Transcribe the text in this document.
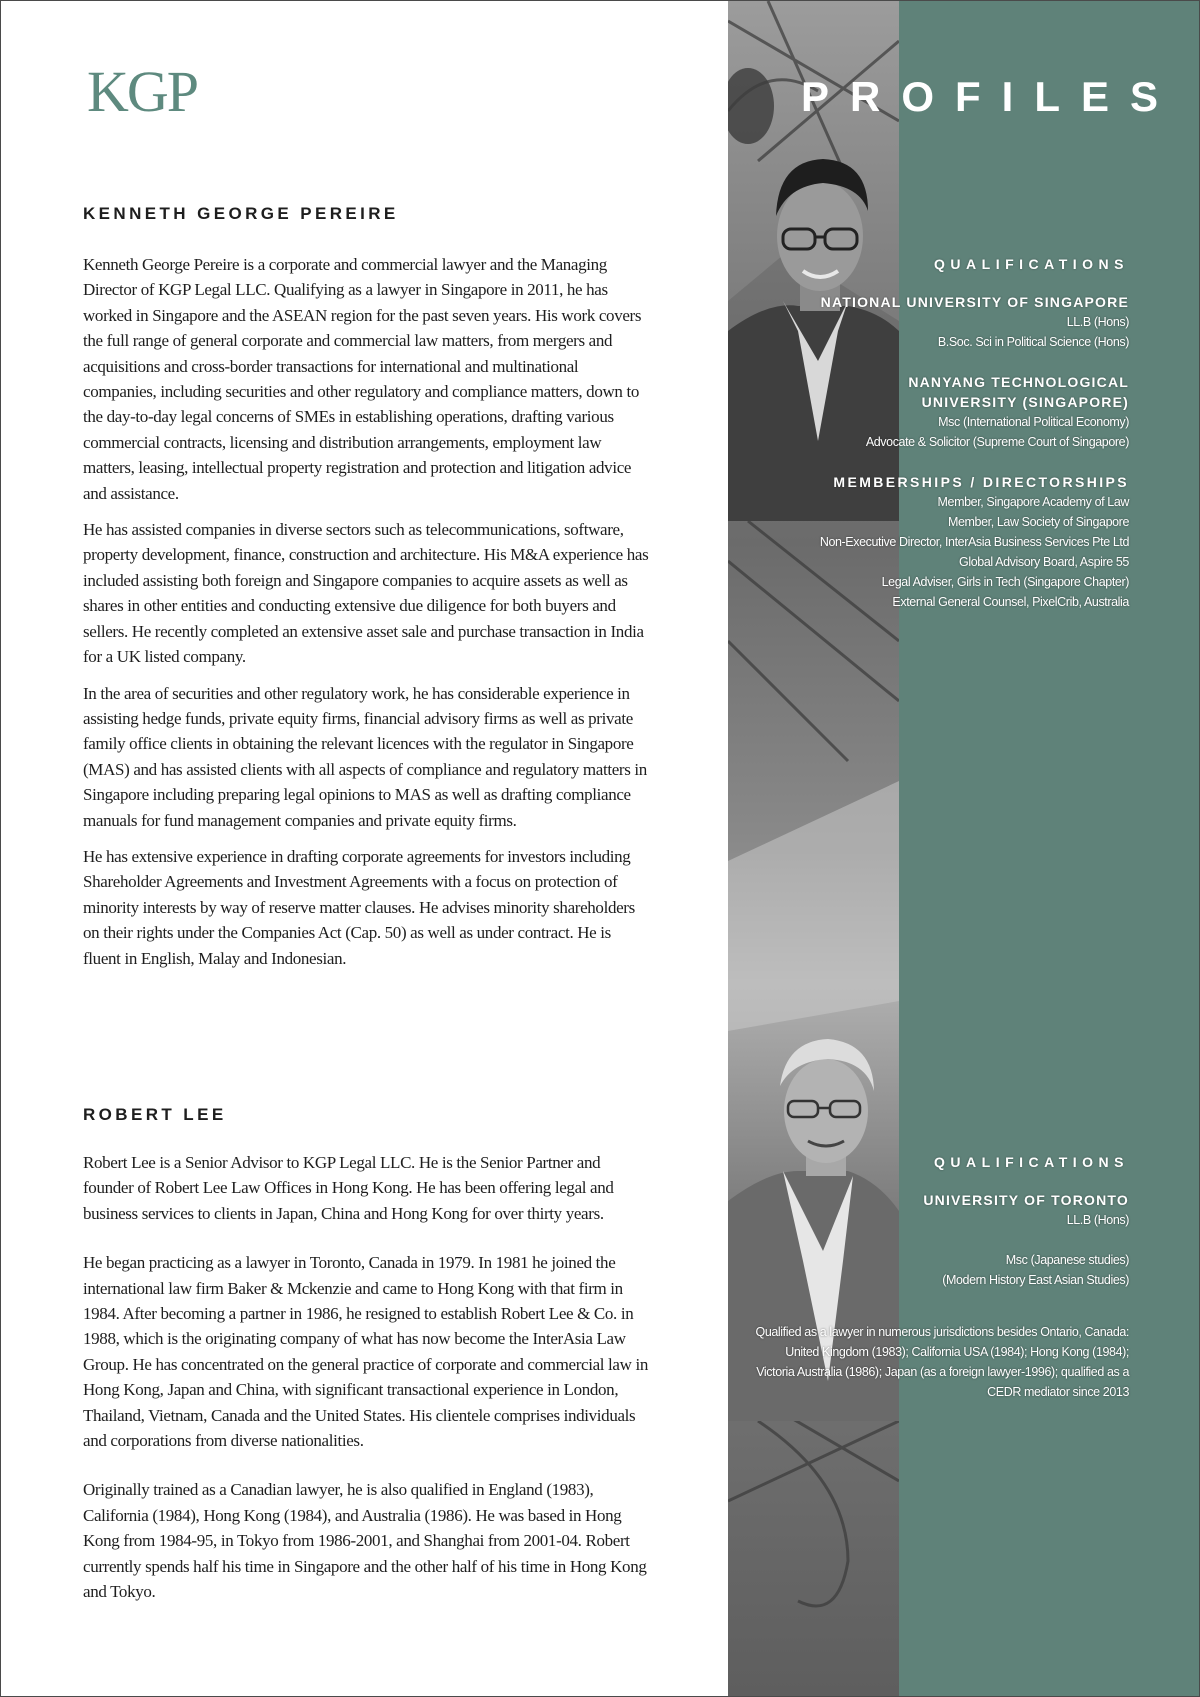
KGP
KENNETH GEORGE PEREIRE

Kenneth George Pereire is a corporate and commercial lawyer and the Managing Director of KGP Legal LLC. Qualifying as a lawyer in Singapore in 2011, he has worked in Singapore and the ASEAN region for the past seven years. His work covers the full range of general corporate and commercial law matters, from mergers and acquisitions and cross-border transactions for international and multinational companies, including securities and other regulatory and compliance matters, down to the day-to-day legal concerns of SMEs in establishing operations, drafting various commercial contracts, licensing and distribution arrangements, employment law matters, leasing, intellectual property registration and protection and litigation advice and assistance.

He has assisted companies in diverse sectors such as telecommunications, software, property development, finance, construction and architecture. His M&A experience has included assisting both foreign and Singapore companies to acquire assets as well as shares in other entities and conducting extensive due diligence for both buyers and sellers. He recently completed an extensive asset sale and purchase transaction in India for a UK listed company.

In the area of securities and other regulatory work, he has considerable experience in assisting hedge funds, private equity firms, financial advisory firms as well as private family office clients in obtaining the relevant licences with the regulator in Singapore (MAS) and has assisted clients with all aspects of compliance and regulatory matters in Singapore including preparing legal opinions to MAS as well as drafting compliance manuals for fund management companies and private equity firms.

He has extensive experience in drafting corporate agreements for investors including Shareholder Agreements and Investment Agreements with a focus on protection of minority interests by way of reserve matter clauses. He advises minority shareholders on their rights under the Companies Act (Cap. 50) as well as under contract. He is fluent in English, Malay and Indonesian.

ROBERT LEE

Robert Lee is a Senior Advisor to KGP Legal LLC. He is the Senior Partner and founder of Robert Lee Law Offices in Hong Kong. He has been offering legal and business services to clients in Japan, China and Hong Kong for over thirty years.

He began practicing as a lawyer in Toronto, Canada in 1979. In 1981 he joined the international law firm Baker & Mckenzie and came to Hong Kong with that firm in 1984. After becoming a partner in 1986, he resigned to establish Robert Lee & Co. in 1988, which is the originating company of what has now become the InterAsia Law Group. He has concentrated on the general practice of corporate and commercial law in Hong Kong, Japan and China, with significant transactional experience in London, Thailand, Vietnam, Canada and the United States. His clientele comprises individuals and corporations from diverse nationalities.

Originally trained as a Canadian lawyer, he is also qualified in England (1983), California (1984), Hong Kong (1984), and Australia (1986). He was based in Hong Kong from 1984-95, in Tokyo from 1986-2001, and Shanghai from 2001-04. Robert currently spends half his time in Singapore and the other half of his time in Hong Kong and Tokyo.

PROFILES
QUALIFICATIONS
NATIONAL UNIVERSITY OF SINGAPORE
LL.B (Hons)
B.Soc. Sci in Political Science (Hons)
NANYANG TECHNOLOGICAL
UNIVERSITY (SINGAPORE)
Msc (International Political Economy)
Advocate & Solicitor (Supreme Court of Singapore)
MEMBERSHIPS / DIRECTORSHIPS
Member, Singapore Academy of Law
Member, Law Society of Singapore
Non-Executive Director, InterAsia Business Services Pte Ltd
Global Advisory Board, Aspire 55
Legal Adviser, Girls in Tech (Singapore Chapter)
External General Counsel, PixelCrib, Australia
QUALIFICATIONS
UNIVERSITY OF TORONTO
LL.B (Hons)
Msc (Japanese studies)
(Modern History East Asian Studies)
Qualified as a lawyer in numerous jurisdictions besides Ontario, Canada: United Kingdom (1983); California USA (1984); Hong Kong (1984); Victoria Australia (1986); Japan (as a foreign lawyer-1996); qualified as a CEDR mediator since 2013
